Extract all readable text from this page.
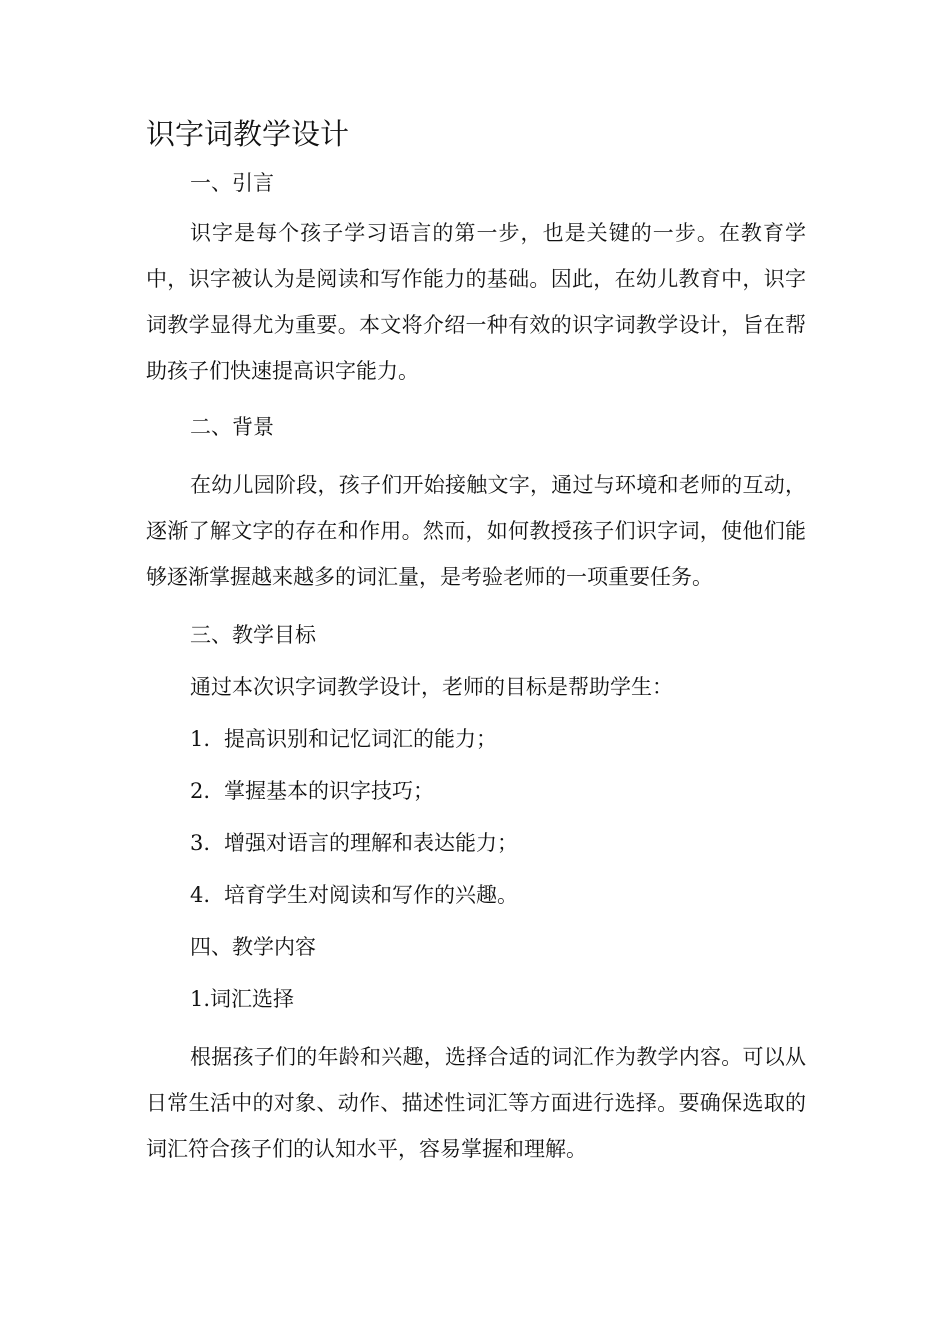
识字词教学设计

一、引言

识字是每个孩子学习语言的第一步，也是关键的一步。在教育学中，识字被认为是阅读和写作能力的基础。因此，在幼儿教育中，识字词教学显得尤为重要。本文将介绍一种有效的识字词教学设计，旨在帮助孩子们快速提高识字能力。

二、背景

在幼儿园阶段，孩子们开始接触文字，通过与环境和老师的互动，逐渐了解文字的存在和作用。然而，如何教授孩子们识字词，使他们能够逐渐掌握越来越多的词汇量，是考验老师的一项重要任务。

三、教学目标

通过本次识字词教学设计，老师的目标是帮助学生：

1. 提高识别和记忆词汇的能力；

2. 掌握基本的识字技巧；

3. 增强对语言的理解和表达能力；

4. 培育学生对阅读和写作的兴趣。

四、教学内容

1.词汇选择

根据孩子们的年龄和兴趣，选择合适的词汇作为教学内容。可以从日常生活中的对象、动作、描述性词汇等方面进行选择。要确保选取的词汇符合孩子们的认知水平，容易掌握和理解。
